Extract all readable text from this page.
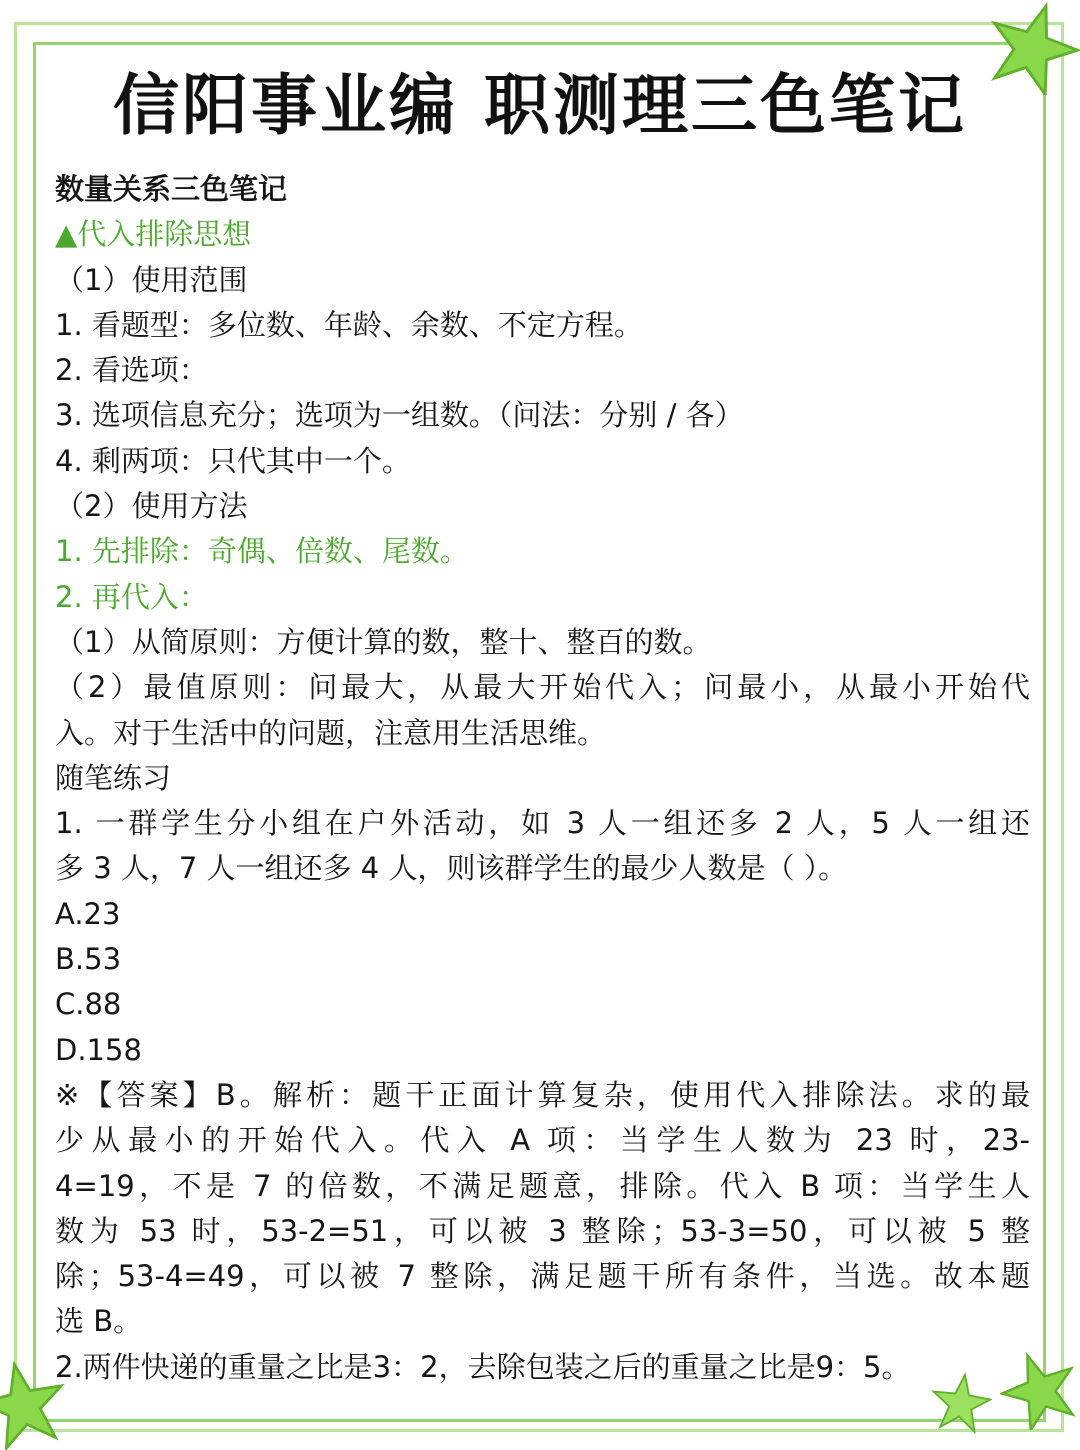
信阳事业编 职测理三色笔记
数量关系三色笔记
▲代入排除思想
（1）使用范围
1. 看题型：多位数、年龄、余数、不定方程。
2. 看选项：
3. 选项信息充分；选项为一组数。（问法：分别 / 各）
4. 剩两项：只代其中一个。
（2）使用方法
1. 先排除：奇偶、倍数、尾数。
2. 再代入：
（1）从简原则：方便计算的数，整十、整百的数。
（2）最值原则：问最大，从最大开始代入；问最小，从最小开始代
入。对于生活中的问题，注意用生活思维。
随笔练习
1. 一群学生分小组在户外活动，如 3 人一组还多 2 人，5 人一组还
多 3 人，7 人一组还多 4 人，则该群学生的最少人数是（ ）。
A.23
B.53
C.88
D.158
※【答案】B。解析：题干正面计算复杂，使用代入排除法。求的最
少从最小的开始代入。代入 A 项：当学生人数为 23 时，23-
4=19，不是 7 的倍数，不满足题意，排除。代入 B 项：当学生人
数为 53 时，53-2=51，可以被 3 整除；53-3=50，可以被 5 整
除；53-4=49，可以被 7 整除，满足题干所有条件，当选。故本题
选 B。
2.两件快递的重量之比是3：2，去除包装之后的重量之比是9：5。
